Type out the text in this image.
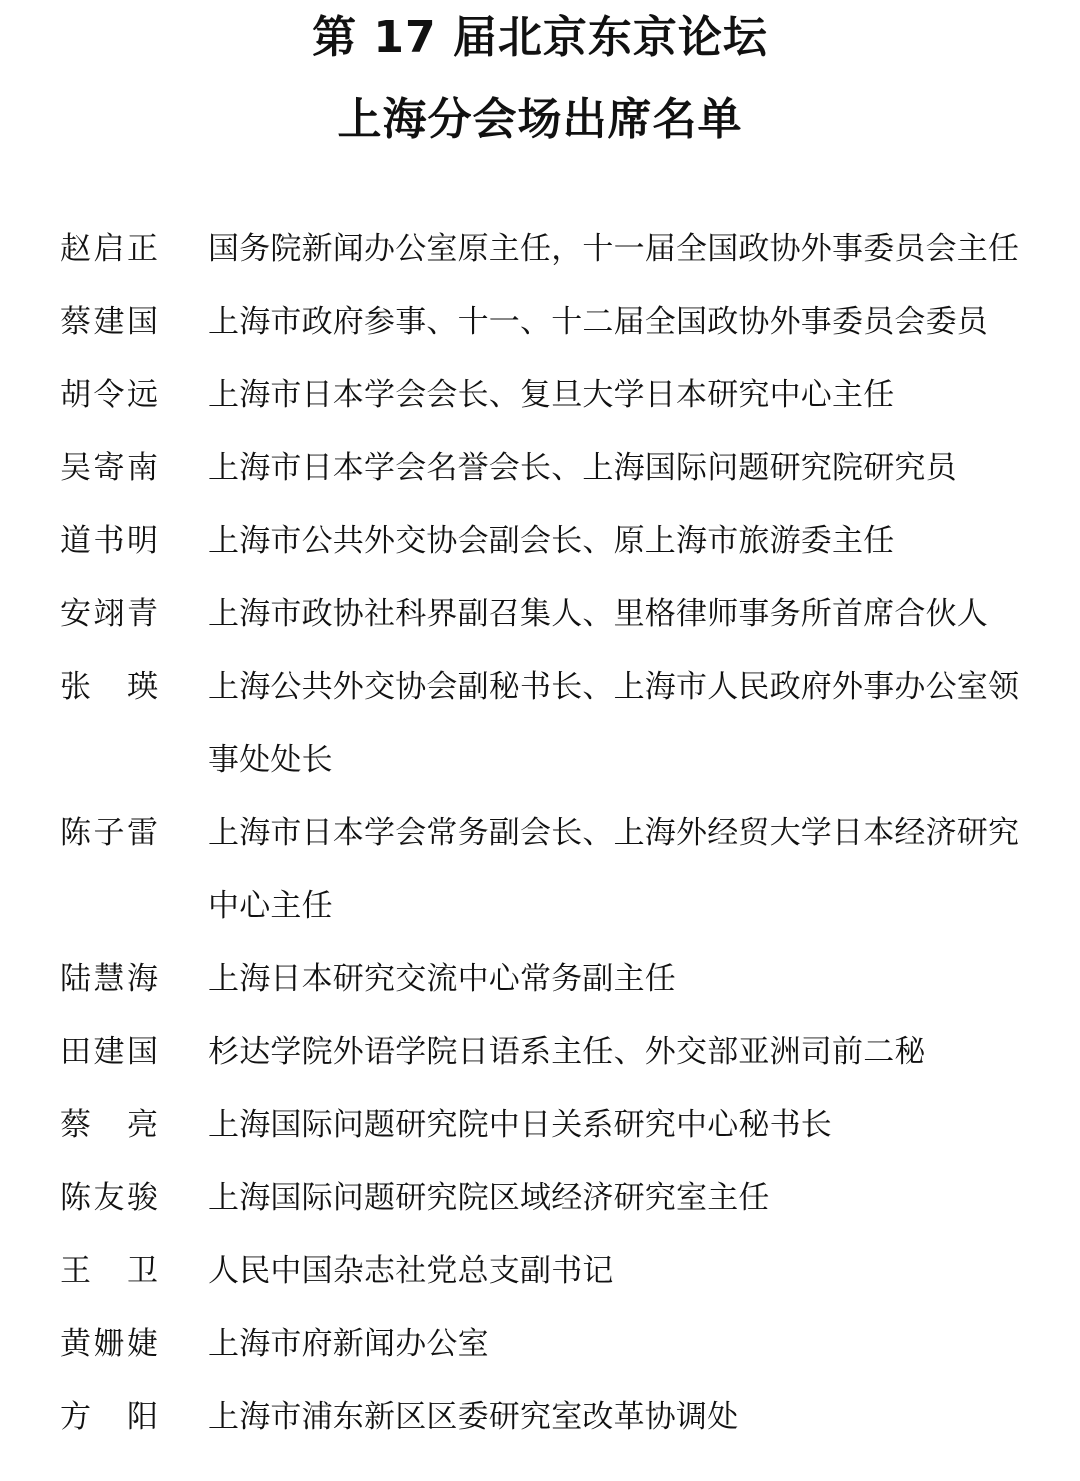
第 17 届北京东京论坛
上海分会场出席名单
赵启正 国务院新闻办公室原主任，十一届全国政协外事委员会主任
蔡建国 上海市政府参事、十一、十二届全国政协外事委员会委员
胡令远 上海市日本学会会长、复旦大学日本研究中心主任
吴寄南 上海市日本学会名誉会长、上海国际问题研究院研究员
道书明 上海市公共外交协会副会长、原上海市旅游委主任
安翊青 上海市政协社科界副召集人、里格律师事务所首席合伙人
张 瑛 上海公共外交协会副秘书长、上海市人民政府外事办公室领事处处长
陈子雷 上海市日本学会常务副会长、上海外经贸大学日本经济研究中心主任
陆慧海 上海日本研究交流中心常务副主任
田建国 杉达学院外语学院日语系主任、外交部亚洲司前二秘
蔡 亮 上海国际问题研究院中日关系研究中心秘书长
陈友骏 上海国际问题研究院区域经济研究室主任
王 卫 人民中国杂志社党总支副书记
黄姗婕 上海市府新闻办公室
方 阳 上海市浦东新区区委研究室改革协调处
